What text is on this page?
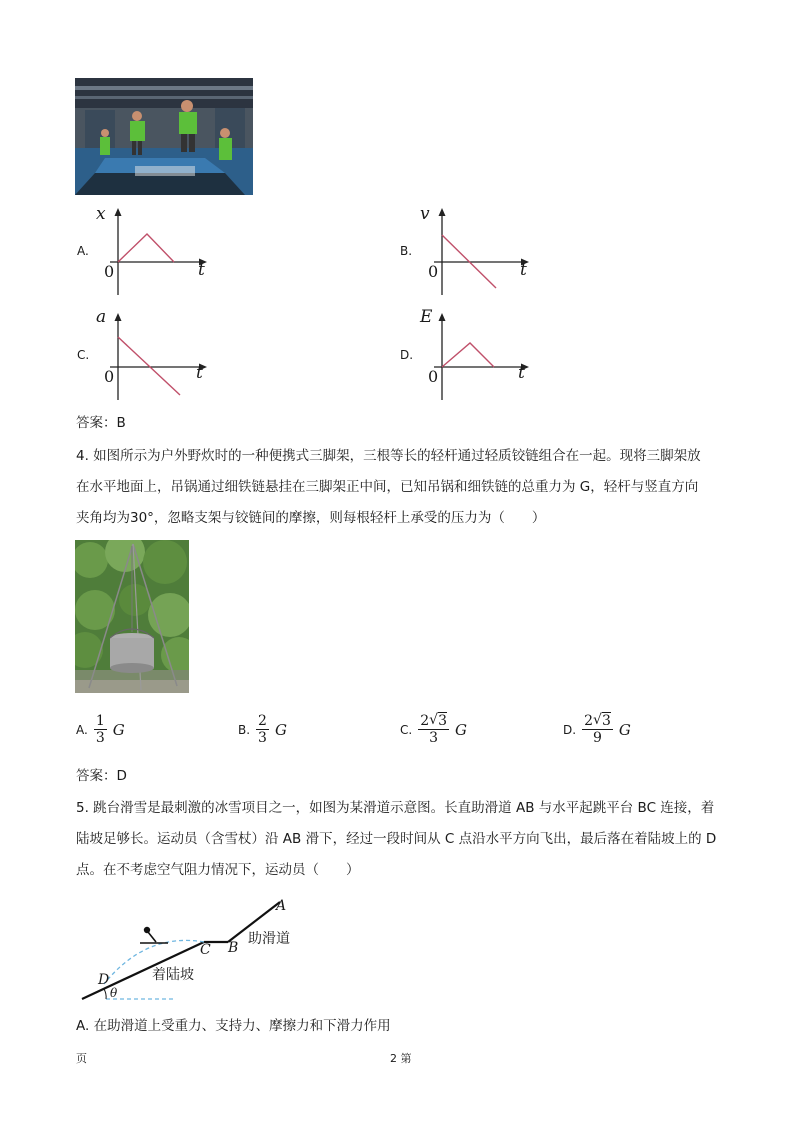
A.
x
t
0
B.
v
t
0
C.
a
t
0
D.
E
t
0
答案：B
4. 如图所示为户外野炊时的一种便携式三脚架，三根等长的轻杆通过轻质铰链组合在一起。现将三脚架放
在水平地面上，吊锅通过细铁链悬挂在三脚架正中间，已知吊锅和细铁链的总重力为 G，轻杆与竖直方向
夹角均为30°，忽略支架与铰链间的摩擦，则每根轻杆上承受的压力为（　　）
A. $\frac{1}{3}$ G	B. $\frac{2}{3}$ G	C. $\frac{2 √ 3}{3}$ G	D. $\frac{2 √ 3}{9}$ G
答案：D
5. 跳台滑雪是最刺激的冰雪项目之一，如图为某滑道示意图。长直助滑道 AB 与水平起跳平台 BC 连接，着
陆坡足够长。运动员（含雪杖）沿 AB 滑下，经过一段时间从 C 点沿水平方向飞出，最后落在着陆坡上的 D
点。在不考虑空气阻力情况下，运动员（　　）
A
B
C
D
θ
助滑道
着陆坡
A. 在助滑道上受重力、支持力、摩擦力和下滑力作用
页	2 第
